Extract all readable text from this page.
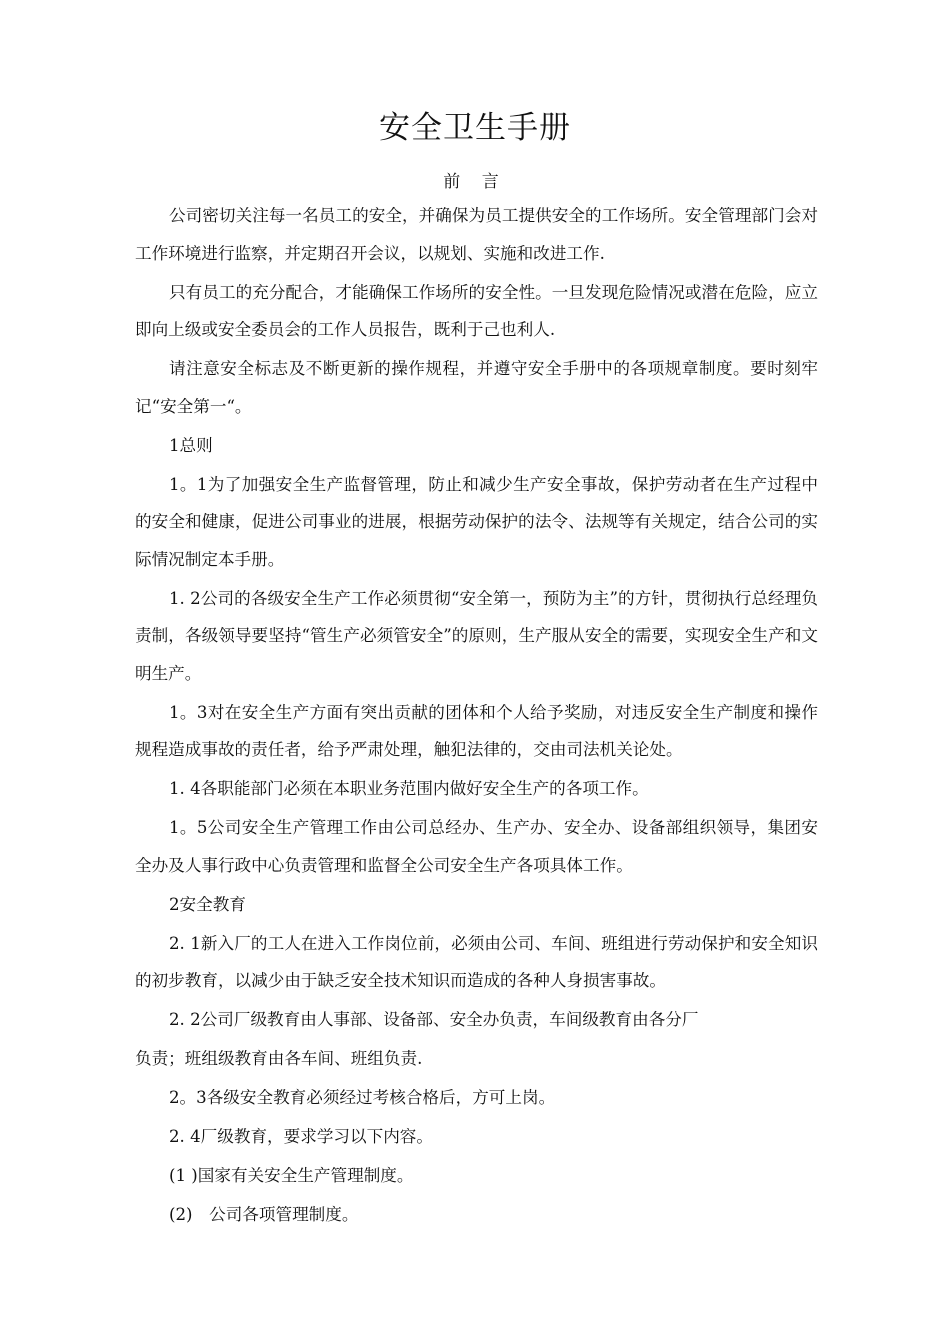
安全卫生手册
前 言

公司密切关注每一名员工的安全，并确保为员工提供安全的工作场所。安全管理部门会对工作环境进行监察，并定期召开会议，以规划、实施和改进工作.

只有员工的充分配合，才能确保工作场所的安全性。一旦发现危险情况或潜在危险，应立即向上级或安全委员会的工作人员报告，既利于己也利人.

请注意安全标志及不断更新的操作规程，并遵守安全手册中的各项规章制度。要时刻牢记“安全第一“。

1总则

1。1为了加强安全生产监督管理，防止和减少生产安全事故，保护劳动者在生产过程中的安全和健康，促进公司事业的进展，根据劳动保护的法令、法规等有关规定，结合公司的实际情况制定本手册。

1. 2公司的各级安全生产工作必须贯彻“安全第一，预防为主”的方针，贯彻执行总经理负责制，各级领导要坚持“管生产必须管安全”的原则，生产服从安全的需要，实现安全生产和文明生产。

1。3对在安全生产方面有突出贡献的团体和个人给予奖励，对违反安全生产制度和操作规程造成事故的责任者，给予严肃处理，触犯法律的，交由司法机关论处。

1. 4各职能部门必须在本职业务范围内做好安全生产的各项工作。

1。5公司安全生产管理工作由公司总经办、生产办、安全办、设备部组织领导，集团安全办及人事行政中心负责管理和监督全公司安全生产各项具体工作。

2安全教育

2. 1新入厂的工人在进入工作岗位前，必须由公司、车间、班组进行劳动保护和安全知识的初步教育，以减少由于缺乏安全技术知识而造成的各种人身损害事故。

2. 2公司厂级教育由人事部、设备部、安全办负责，车间级教育由各分厂

负责；班组级教育由各车间、班组负责.

2。3各级安全教育必须经过考核合格后，方可上岗。

2. 4厂级教育，要求学习以下内容。

(1 )国家有关安全生产管理制度。

(2)　公司各项管理制度。
